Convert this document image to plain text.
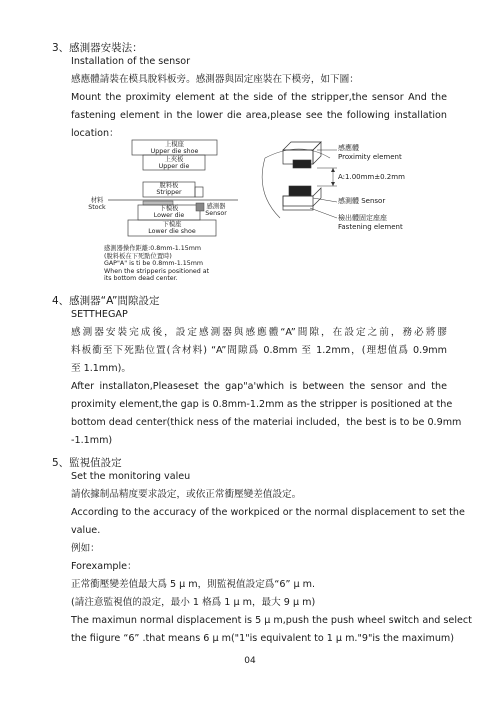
3、感測器安裝法：
Installation of the sensor
感應體請裝在模具脫料板旁。感測器與固定座裝在下模旁，如下圖：
Mount the proximity element at the side of the stripper,the sensor And the
fastening element in the lower die area,please see the following installation
location：
上模座
Upper die shoe
上夾板
Upper die
脫料板
Stripper
材料
Stock	下模板
Lower die
感測器
Sensor
下模座
Lower die shoe
感測器操作距離:0.8mm-1.15mm
(脫料板在下死點位置時)
GAP"A" is ti be 0.8mm-1.15mm
When the stripperis positioned at
its bottom dead center.
感應體
Proximity element
A:1.00mm±0.2mm
感測體 Sensor
檢出體固定座座
Fastening element
4、感測器“A”間隙設定
SETTHEGAP
感測器安裝完成後，設定感測器與感應體“A”間隙，在設定之前，務必將膠
料板衝至下死點位置(含材料) “A”間隙爲 0.8mm 至 1.2mm，(理想值爲 0.9mm
至 1.1mm)。
After installaton,Pleaseset the gap"a'which is between the sensor and the
proximity element,the gap is 0.8mm-1.2mm as the stripper is positioned at the
bottom dead center(thick ness of the materiai included，the best is to be 0.9mm
-1.1mm)
5、監視值設定
Set the monitoring valeu
請依據制品精度要求設定，或依正常衝壓變差值設定。
According to the accuracy of the workpiced or the normal displacement to set the
value.
例如：
Forexample：
正常衝壓變差值最大爲 5 μ m，則監視值設定爲“6” μ m.
(請注意監視值的設定，最小 1 格爲 1 μ m，最大 9 μ m)
The maximun normal displacement is 5 μ m,push the push wheel switch and select
the fiigure “6” .that means 6 μ m("1"is equivalent to 1 μ m."9"is the maximum)
04
